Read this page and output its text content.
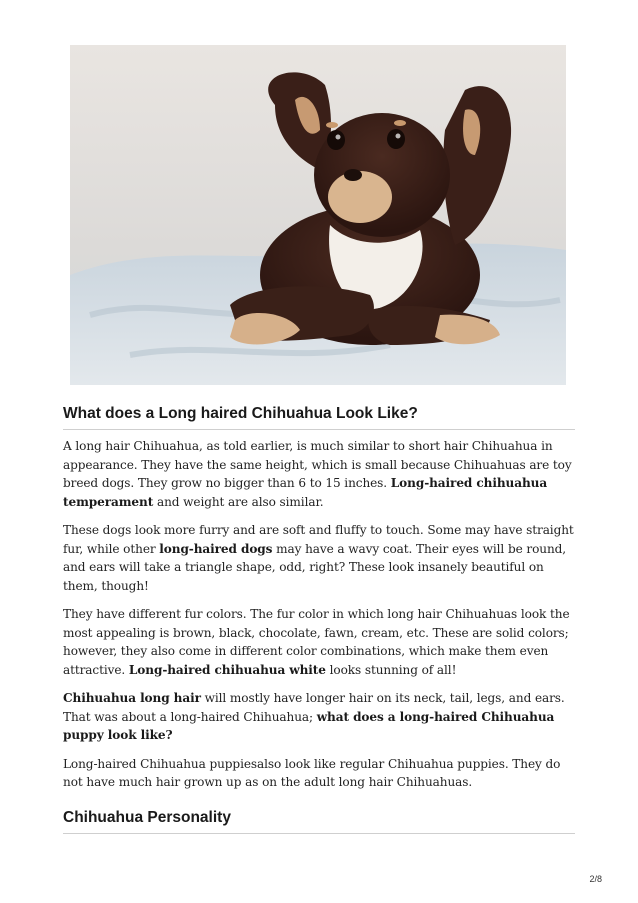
What does a Long haired Chihuahua Look Like?

A long hair Chihuahua, as told earlier, is much similar to short hair Chihuahua in appearance. They have the same height, which is small because Chihuahuas are toy breed dogs. They grow no bigger than 6 to 15 inches. Long-haired chihuahua temperament and weight are also similar.

These dogs look more furry and are soft and fluffy to touch. Some may have straight fur, while other long-haired dogs may have a wavy coat. Their eyes will be round, and ears will take a triangle shape, odd, right? These look insanely beautiful on them, though!

They have different fur colors. The fur color in which long hair Chihuahuas look the most appealing is brown, black, chocolate, fawn, cream, etc. These are solid colors; however, they also come in different color combinations, which make them even attractive. Long-haired chihuahua white looks stunning of all!

Chihuahua long hair will mostly have longer hair on its neck, tail, legs, and ears. That was about a long-haired Chihuahua; what does a long-haired Chihuahua puppy look like?

Long-haired Chihuahua puppiesalso look like regular Chihuahua puppies. They do not have much hair grown up as on the adult long hair Chihuahuas.

Chihuahua Personality
2/8
